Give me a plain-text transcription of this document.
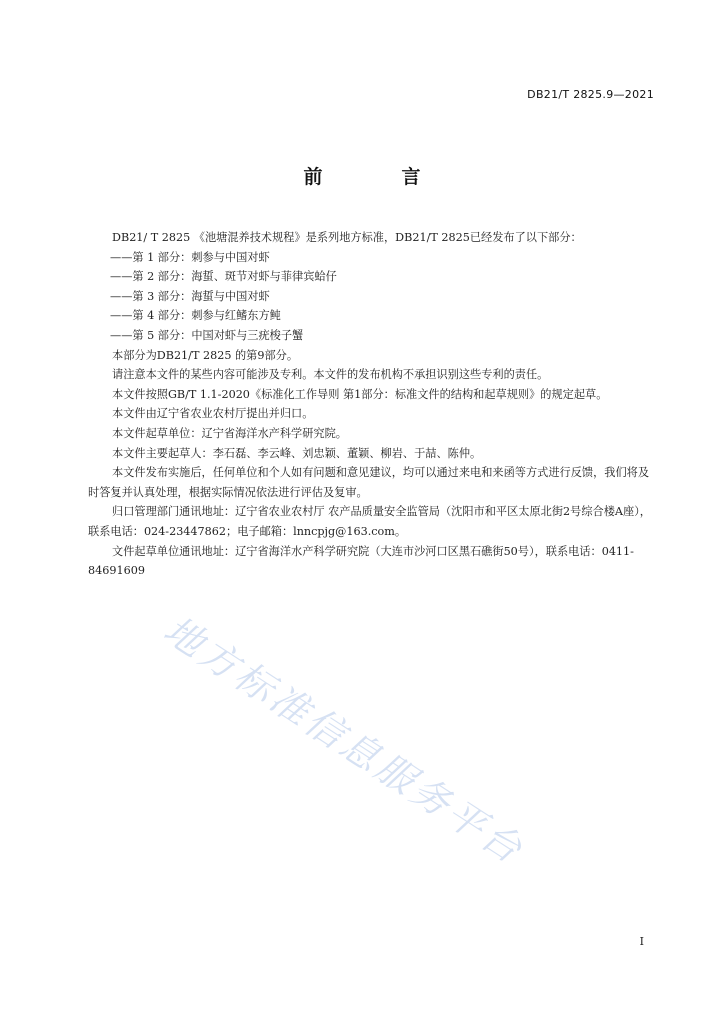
DB21/T 2825.9—2021
前　言

DB21/ T 2825 《池塘混养技术规程》是系列地方标准，DB21/T 2825已经发布了以下部分：

——第 1 部分：刺参与中国对虾

——第 2 部分：海蜇、斑节对虾与菲律宾蛤仔

——第 3 部分：海蜇与中国对虾

——第 4 部分：刺参与红鳍东方鲀

——第 5 部分：中国对虾与三疣梭子蟹

本部分为DB21/T 2825 的第9部分。

请注意本文件的某些内容可能涉及专利。本文件的发布机构不承担识别这些专利的责任。

本文件按照GB/T 1.1-2020《标准化工作导则 第1部分：标准文件的结构和起草规则》的规定起草。

本文件由辽宁省农业农村厅提出并归口。

本文件起草单位：辽宁省海洋水产科学研究院。

本文件主要起草人：李石磊、李云峰、刘忠颖、董颖、柳岩、于喆、陈仲。

本文件发布实施后，任何单位和个人如有问题和意见建议，均可以通过来电和来函等方式进行反馈，我们将及时答复并认真处理，根据实际情况依法进行评估及复审。

归口管理部门通讯地址：辽宁省农业农村厅 农产品质量安全监管局（沈阳市和平区太原北街2号综合楼A座），联系电话：024-23447862；电子邮箱：lnncpjg@163.com。

文件起草单位通讯地址：辽宁省海洋水产科学研究院（大连市沙河口区黑石礁街50号），联系电话：0411-84691609

地方标准信息服务平台
I
